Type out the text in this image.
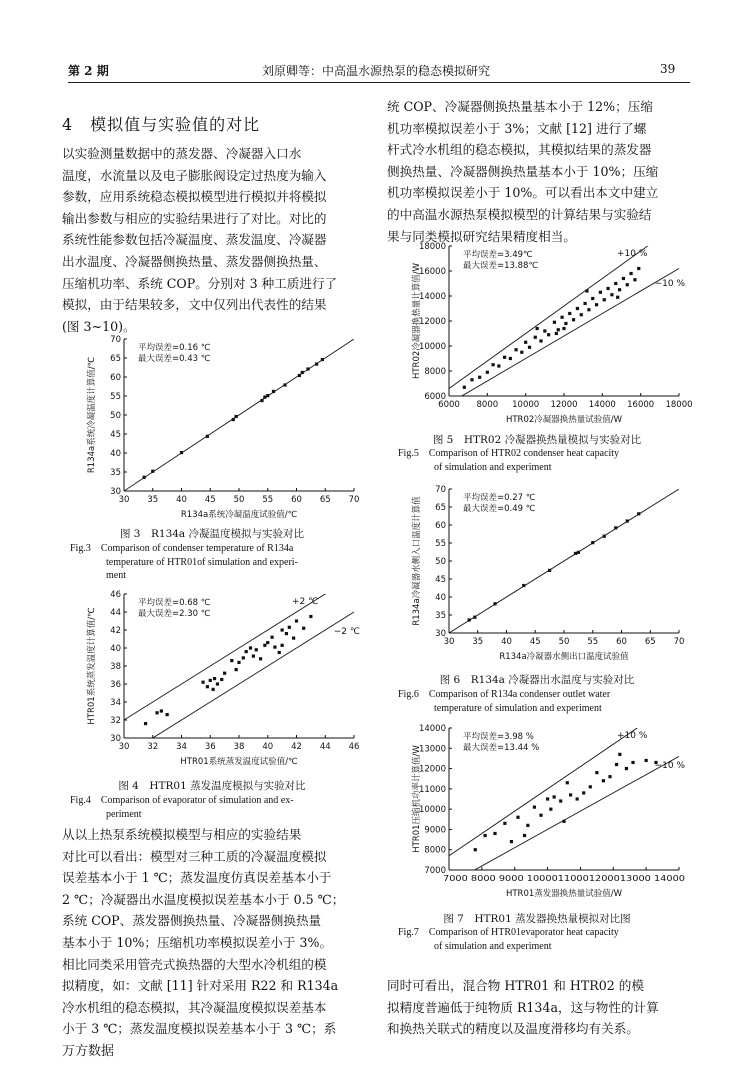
第 2 期	刘原卿等：中高温水源热泵的稳态模拟研究	39
4　模拟值与实验值的对比
以实验测量数据中的蒸发器、冷凝器入口水
温度，水流量以及电子膨胀阀设定过热度为输入
参数，应用系统稳态模拟模型进行模拟并将模拟
输出参数与相应的实验结果进行了对比。对比的
系统性能参数包括冷凝温度、蒸发温度、冷凝器
出水温度、冷凝器侧换热量、蒸发器侧换热量、
压缩机功率、系统 COP。分别对 3 种工质进行了
模拟，由于结果较多，文中仅列出代表性的结果
(图 3~10)。
从以上热泵系统模拟模型与相应的实验结果
对比可以看出：模型对三种工质的冷凝温度模拟
误差基本小于 1 ℃；蒸发温度仿真误差基本小于
2 ℃；冷凝器出水温度模拟误差基本小于 0.5 ℃；
系统 COP、蒸发器侧换热量、冷凝器侧换热量
基本小于 10%；压缩机功率模拟误差小于 3%。
相比同类采用管壳式换热器的大型水冷机组的模
拟精度，如：文献 [11] 针对采用 R22 和 R134a
冷水机组的稳态模拟，其冷凝温度模拟误差基本
小于 3 ℃；蒸发温度模拟误差基本小于 3 ℃；系
万方数据
统 COP、冷凝器侧换热量基本小于 12%；压缩
机功率模拟误差小于 3%；文献 [12] 进行了螺
杆式冷水机组的稳态模拟，其模拟结果的蒸发器
侧换热量、冷凝器侧换热量基本小于 10%；压缩
机功率模拟误差小于 10%。可以看出本文中建立
的中高温水源热泵模拟模型的计算结果与实验结
果与同类模拟研究结果精度相当。
同时可看出，混合物 HTR01 和 HTR02 的模
拟精度普遍低于纯物质 R134a，这与物性的计算
和换热关联式的精度以及温度滑移均有关系。
30
35
40
45
50
55
60
65
70
30 35 40 45 50 55 60 65 70
平均误差=0.16 ℃
最大误差=0.43 ℃
R134a系统冷凝温度试验值/℃
R134a系统冷凝温度计算值/℃
图 3　R134a 冷凝温度模拟与实验对比
Fig.3　Comparison of condenser temperature of R134a
temperature of HTR01of simulation and experi-
ment
30
32
34
36
38
40
42
44
46
30 32 34 36 38 40 42 44 46
平均误差=0.68 ℃
最大误差=2.30 ℃
+2 ℃
−2 ℃
HTR01系统蒸发温度试验值/℃
HTR01系统蒸发温度计算值/℃
图 4　HTR01 蒸发温度模拟与实验对比
Fig.4　Comparison of evaporator of simulation and ex-
periment
6000
8000
10000
12000
14000
16000
18000
6000 8000 10000 12000 14000 16000 18000
平均误差=3.49℃
最大误差=13.88℃
+10 %
−10 %
HTR02冷凝器换热量试验值/W
HTR02冷凝器换热量计算值/W
图 5　HTR02 冷凝器换热量模拟与实验对比
Fig.5　Comparison of HTR02 condenser heat capacity
of simulation and experiment
30
35
40
45
50
55
60
65
70
30 35 40 45 50 55 60 65 70
平均误差=0.27 ℃
最大误差=0.49 ℃
R134a冷凝器水侧出口温度试验值
R134a冷凝器水侧入口温度计算值
图 6　R134a 冷凝器出水温度与实验对比
Fig.6　Comparison of R134a condenser outlet water
temperature of simulation and experiment
7000
8000
9000
10000
11000
12000
13000
14000
7000 8000 9000 10000110001200013000 14000
平均误差=3.98 %
最大误差=13.44 %
+10 %
−10 %
HTR01蒸发器换热量试验值/W
HTR01压缩机功率计算值/W
图 7　HTR01 蒸发器换热量模拟对比图
Fig.7　Comparison of HTR01evaporator heat capacity
of simulation and experiment
